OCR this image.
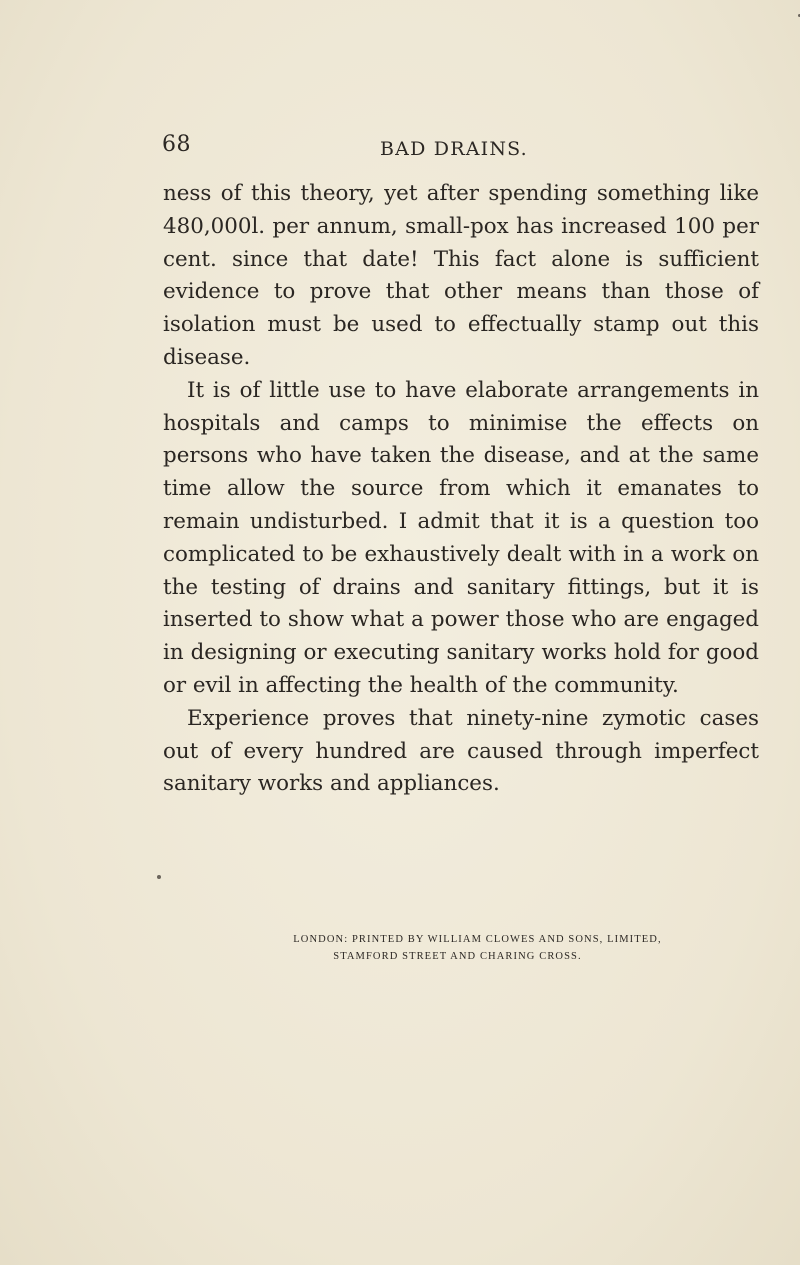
68	BAD DRAINS.

ness of this theory, yet after spending something like 480,000l. per annum, small-pox has increased 100 per cent. since that date! This fact alone is sufficient evidence to prove that other means than those of isolation must be used to effectually stamp out this disease.

It is of little use to have elaborate arrangements in hospitals and camps to minimise the effects on persons who have taken the disease, and at the same time allow the source from which it emanates to remain undisturbed. I admit that it is a question too complicated to be exhaustively dealt with in a work on the testing of drains and sanitary fittings, but it is inserted to show what a power those who are engaged in designing or executing sanitary works hold for good or evil in affecting the health of the community.

Experience proves that ninety-nine zymotic cases out of every hundred are caused through imperfect sanitary works and appliances.

LONDON: PRINTED BY WILLIAM CLOWES AND SONS, LIMITED,
STAMFORD STREET AND CHARING CROSS.
